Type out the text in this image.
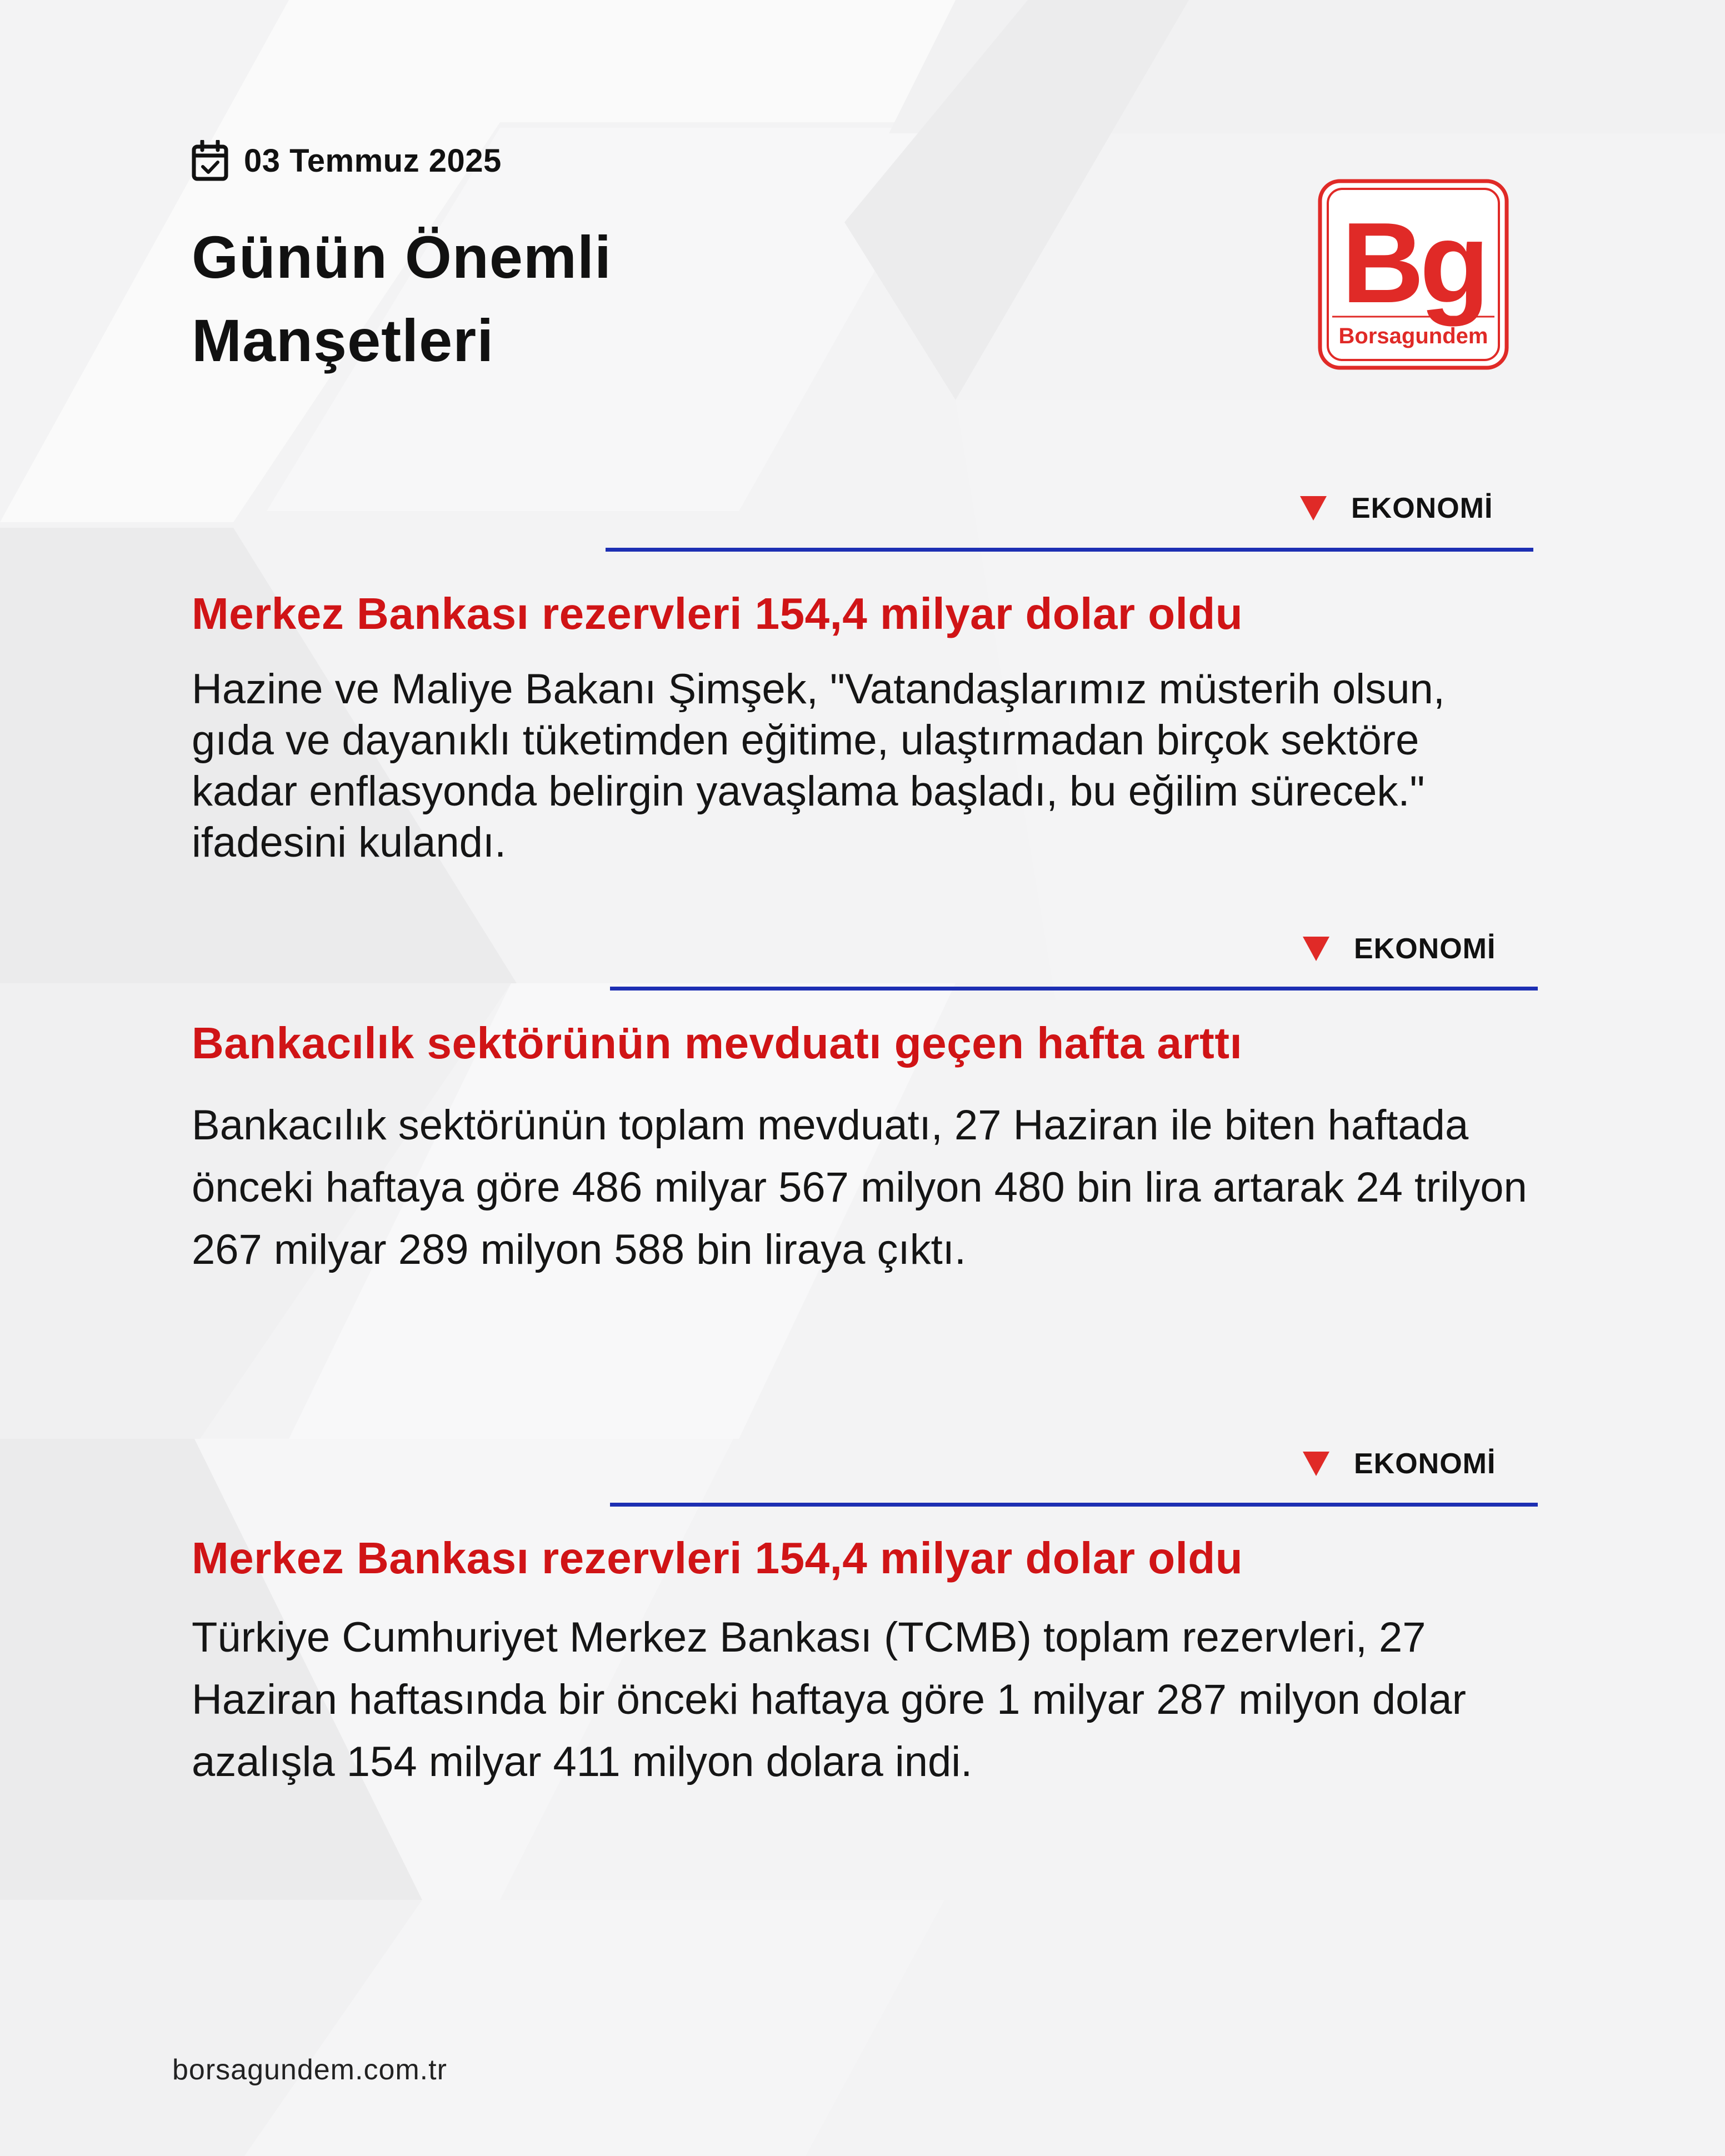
03 Temmuz 2025
Günün Önemli Manşetleri
Bg
Borsagundem
EKONOMİ
Merkez Bankası rezervleri 154,4 milyar dolar oldu
Hazine ve Maliye Bakanı Şimşek, "Vatandaşlarımız müsterih olsun, gıda ve dayanıklı tüketimden eğitime, ulaştırmadan birçok sektöre kadar enflasyonda belirgin yavaşlama başladı, bu eğilim sürecek." ifadesini kulandı.
EKONOMİ
Bankacılık sektörünün mevduatı geçen hafta arttı
Bankacılık sektörünün toplam mevduatı, 27 Haziran ile biten haftada önceki haftaya göre 486 milyar 567 milyon 480 bin lira artarak 24 trilyon 267 milyar 289 milyon 588 bin liraya çıktı.
EKONOMİ
Merkez Bankası rezervleri 154,4 milyar dolar oldu
Türkiye Cumhuriyet Merkez Bankası (TCMB) toplam rezervleri, 27 Haziran haftasında bir önceki haftaya göre 1 milyar 287 milyon dolar azalışla 154 milyar 411 milyon dolara indi.
borsagundem.com.tr
